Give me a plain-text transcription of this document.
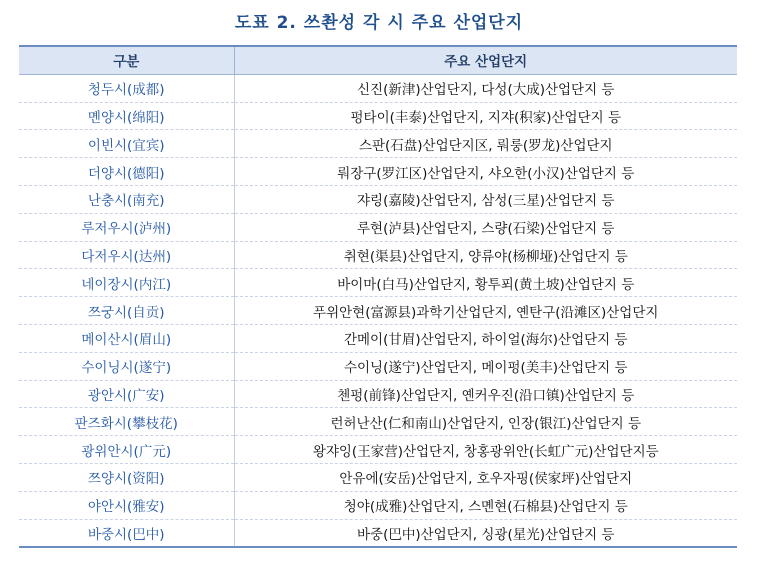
도표 2. 쓰촨성 각 시 주요 산업단지
구분	주요 산업단지
청두시(成都)	신진(新津)산업단지, 다성(大成)산업단지 등
몐양시(绵阳)	펑타이(丰泰)산업단지, 지쟈(积家)산업단지 등
이빈시(宜宾)	스판(石盘)산업단지区, 뤄룽(罗龙)산업단지
더양시(德阳)	뤄장구(罗江区)산업단지, 샤오한(小汉)산업단지 등
난충시(南充)	쟈링(嘉陵)산업단지, 삼성(三星)산업단지 등
루저우시(泸州)	루현(泸县)산업단지, 스량(石梁)산업단지 등
다저우시(达州)	취현(渠县)산업단지, 양류야(杨柳垭)산업단지 등
네이장시(内江)	바이마(白马)산업단지, 황투푀(黄土坡)산업단지 등
쯔궁시(自贡)	푸위안현(富源县)과학기산업단지, 옌탄구(沿滩区)산업단지
메이산시(眉山)	간메이(甘眉)산업단지, 하이얼(海尔)산업단지 등
수이닝시(遂宁)	수이닝(遂宁)산업단지, 메이펑(美丰)산업단지 등
광안시(广安)	첸펑(前锋)산업단지, 옌커우진(沿口镇)산업단지 등
판즈화시(攀枝花)	런허난산(仁和南山)산업단지, 인장(银江)산업단지 등
광위안시(广元)	왕쟈잉(王家营)산업단지, 창홍광위안(长虹广元)산업단지등
쯔양시(资阳)	안유에(安岳)산업단지, 호우자핑(侯家坪)산업단지
야안시(雅安)	청야(成雅)산업단지, 스몐현(石棉县)산업단지 등
바중시(巴中)	바중(巴中)산업단지, 싱광(星光)산업단지 등
